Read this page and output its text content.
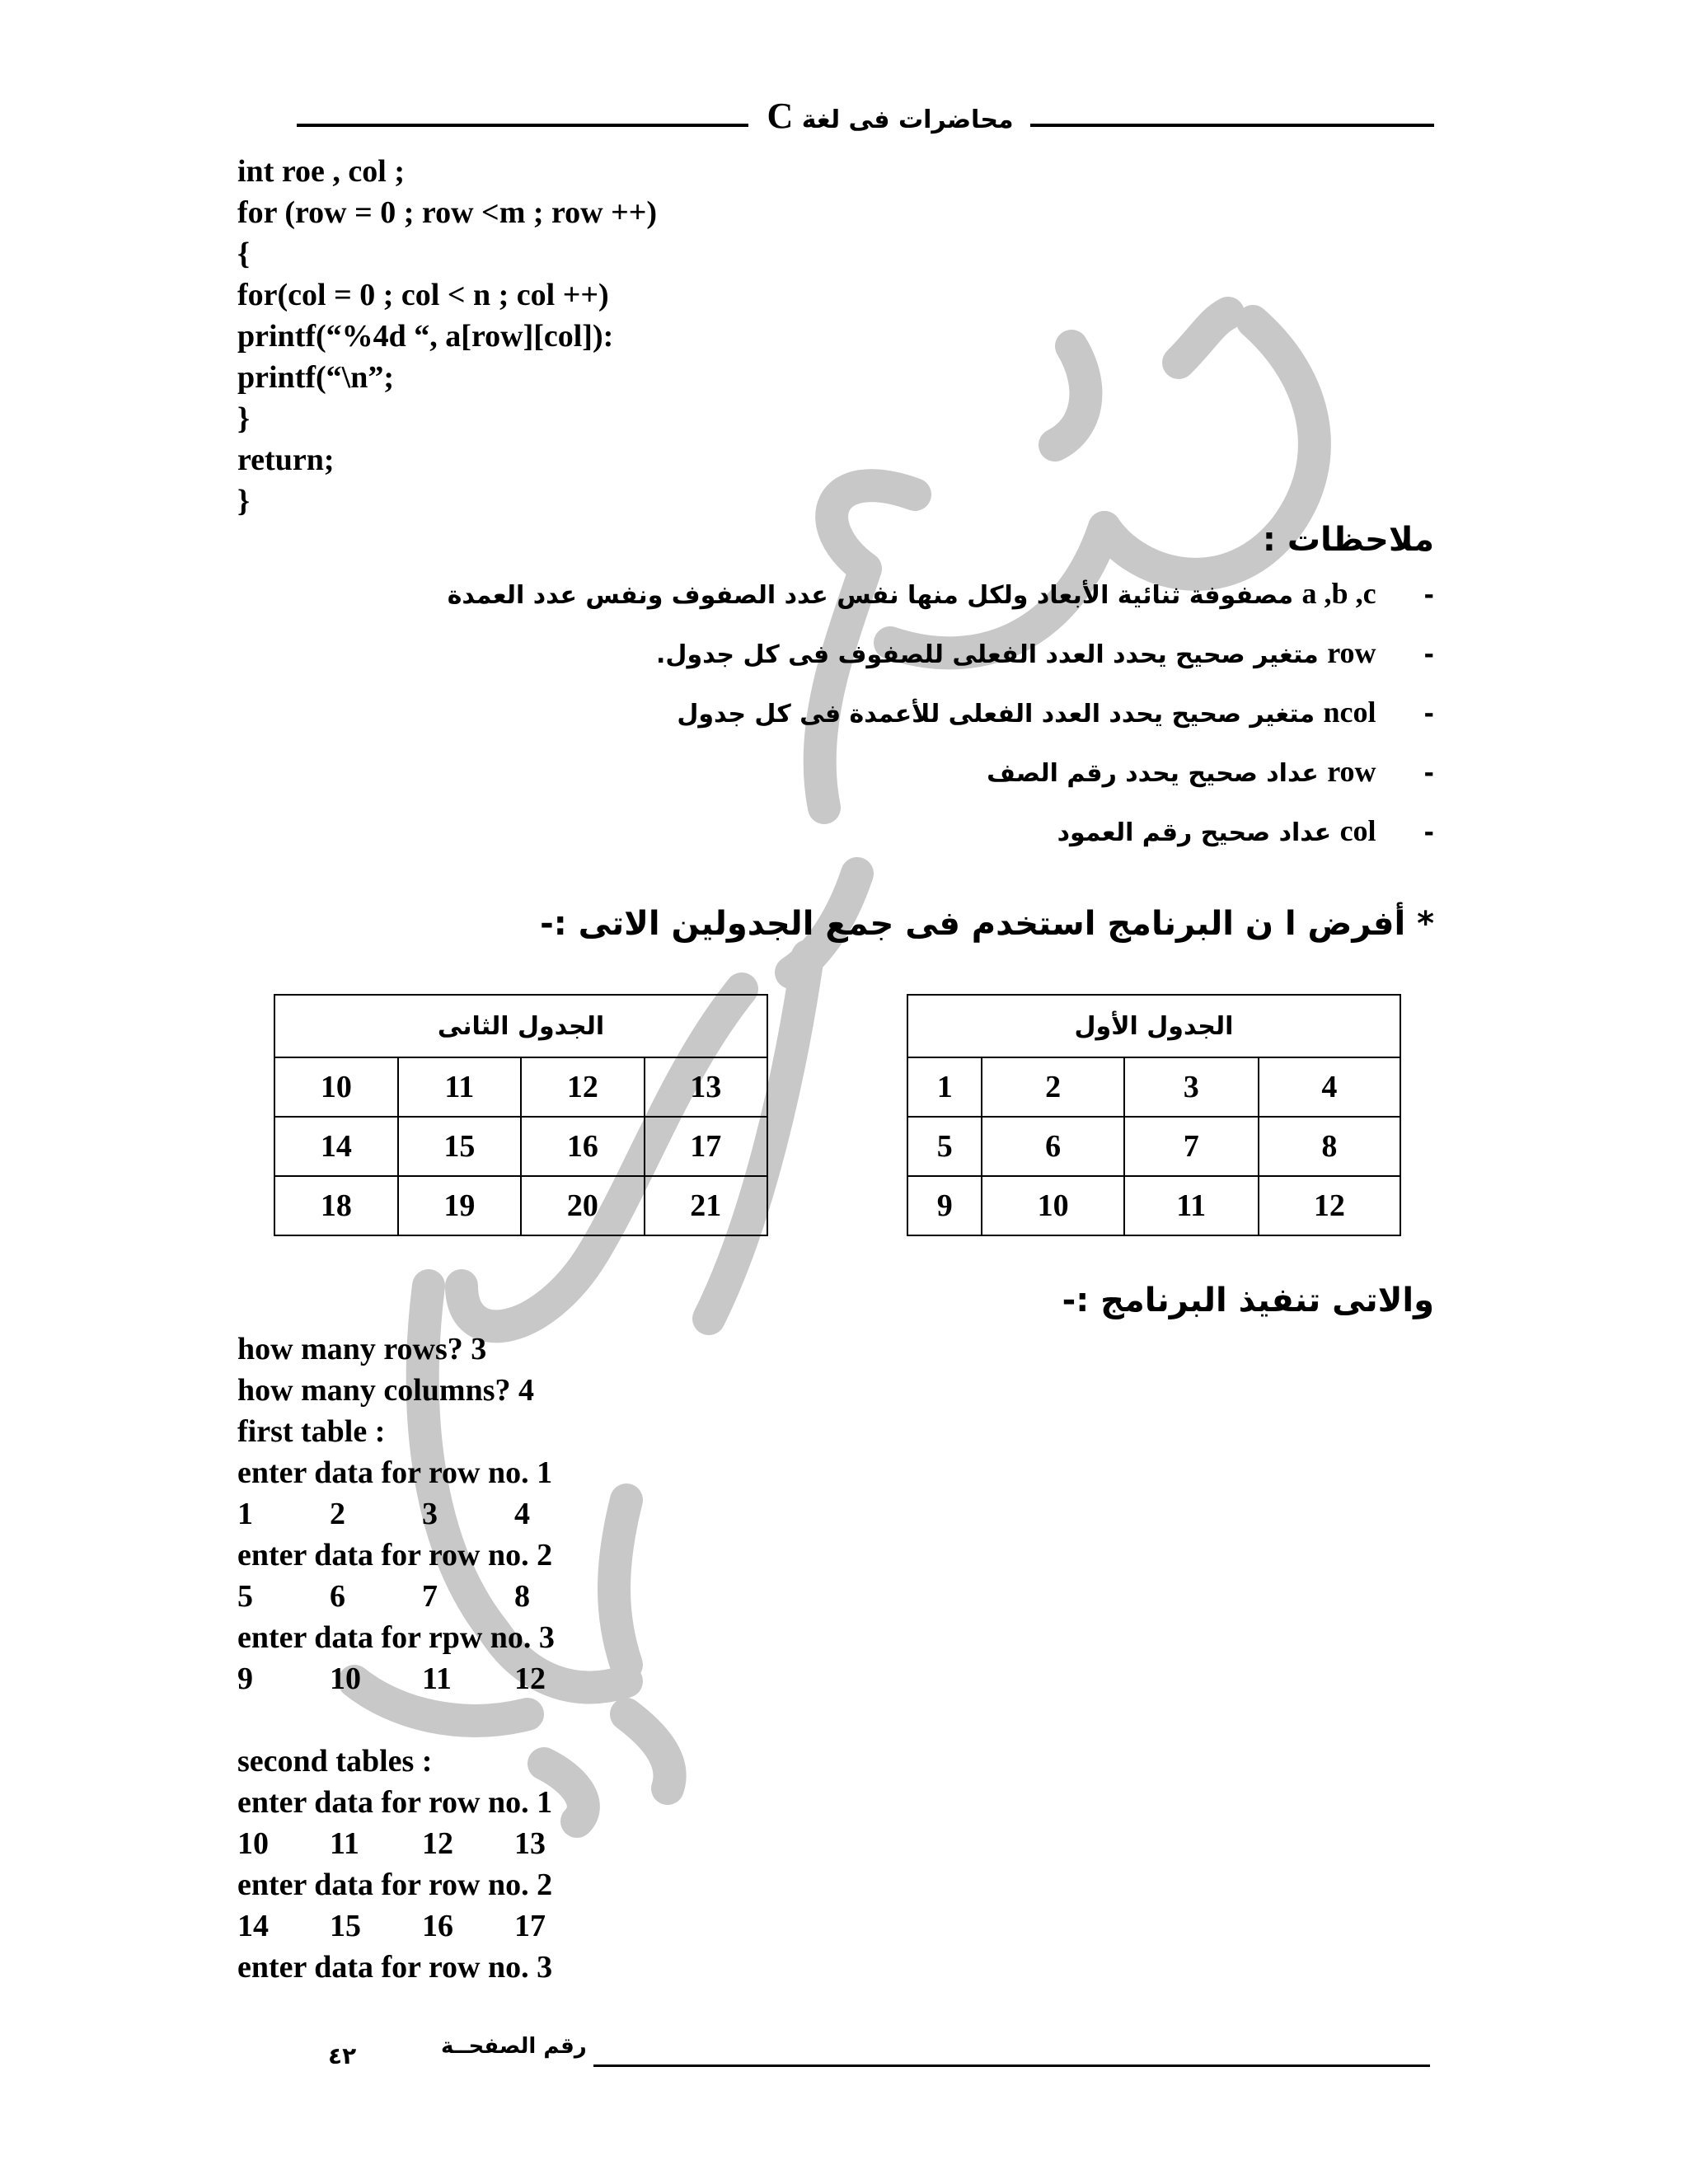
محاضرات فى لغة C
int roe , col ;
for (row = 0 ; row <m ; row ++)
{
for(col = 0 ; col < n ; col ++)
printf(“%4d “, a[row][col]):
printf(“\n”;
}
return;
}
ملاحظات :
- a ,b ,c مصفوفة ثنائية الأبعاد ولكل منها نفس عدد الصفوف ونفس عدد العمدة
- row متغير صحيح يحدد العدد الفعلى للصفوف فى كل جدول.
- ncol متغير صحيح يحدد العدد الفعلى للأعمدة فى كل جدول
- row عداد صحيح يحدد رقم الصف
- col عداد صحيح رقم العمود
* أفرض ا ن البرنامج استخدم فى جمع الجدولين الاتى :-
الجدول الأول			
4	3	2	1
8	7	6	5
12	11	10	9
الجدول الثانى			
13	12	11	10
17	16	15	14
21	20	19	18
والاتى تنفيذ البرنامج :-
how many rows? 3
how many columns? 4
first table :
enter data for row no. 1
1 2 3 4
enter data for row no. 2
5 6 7 8
enter data for rpw no. 3
9 10 11 12
second tables :
enter data for row no. 1
10 11 12 13
enter data for row no. 2
14 15 16 17
enter data for row no. 3
٤٢	رقم الصفحــة
